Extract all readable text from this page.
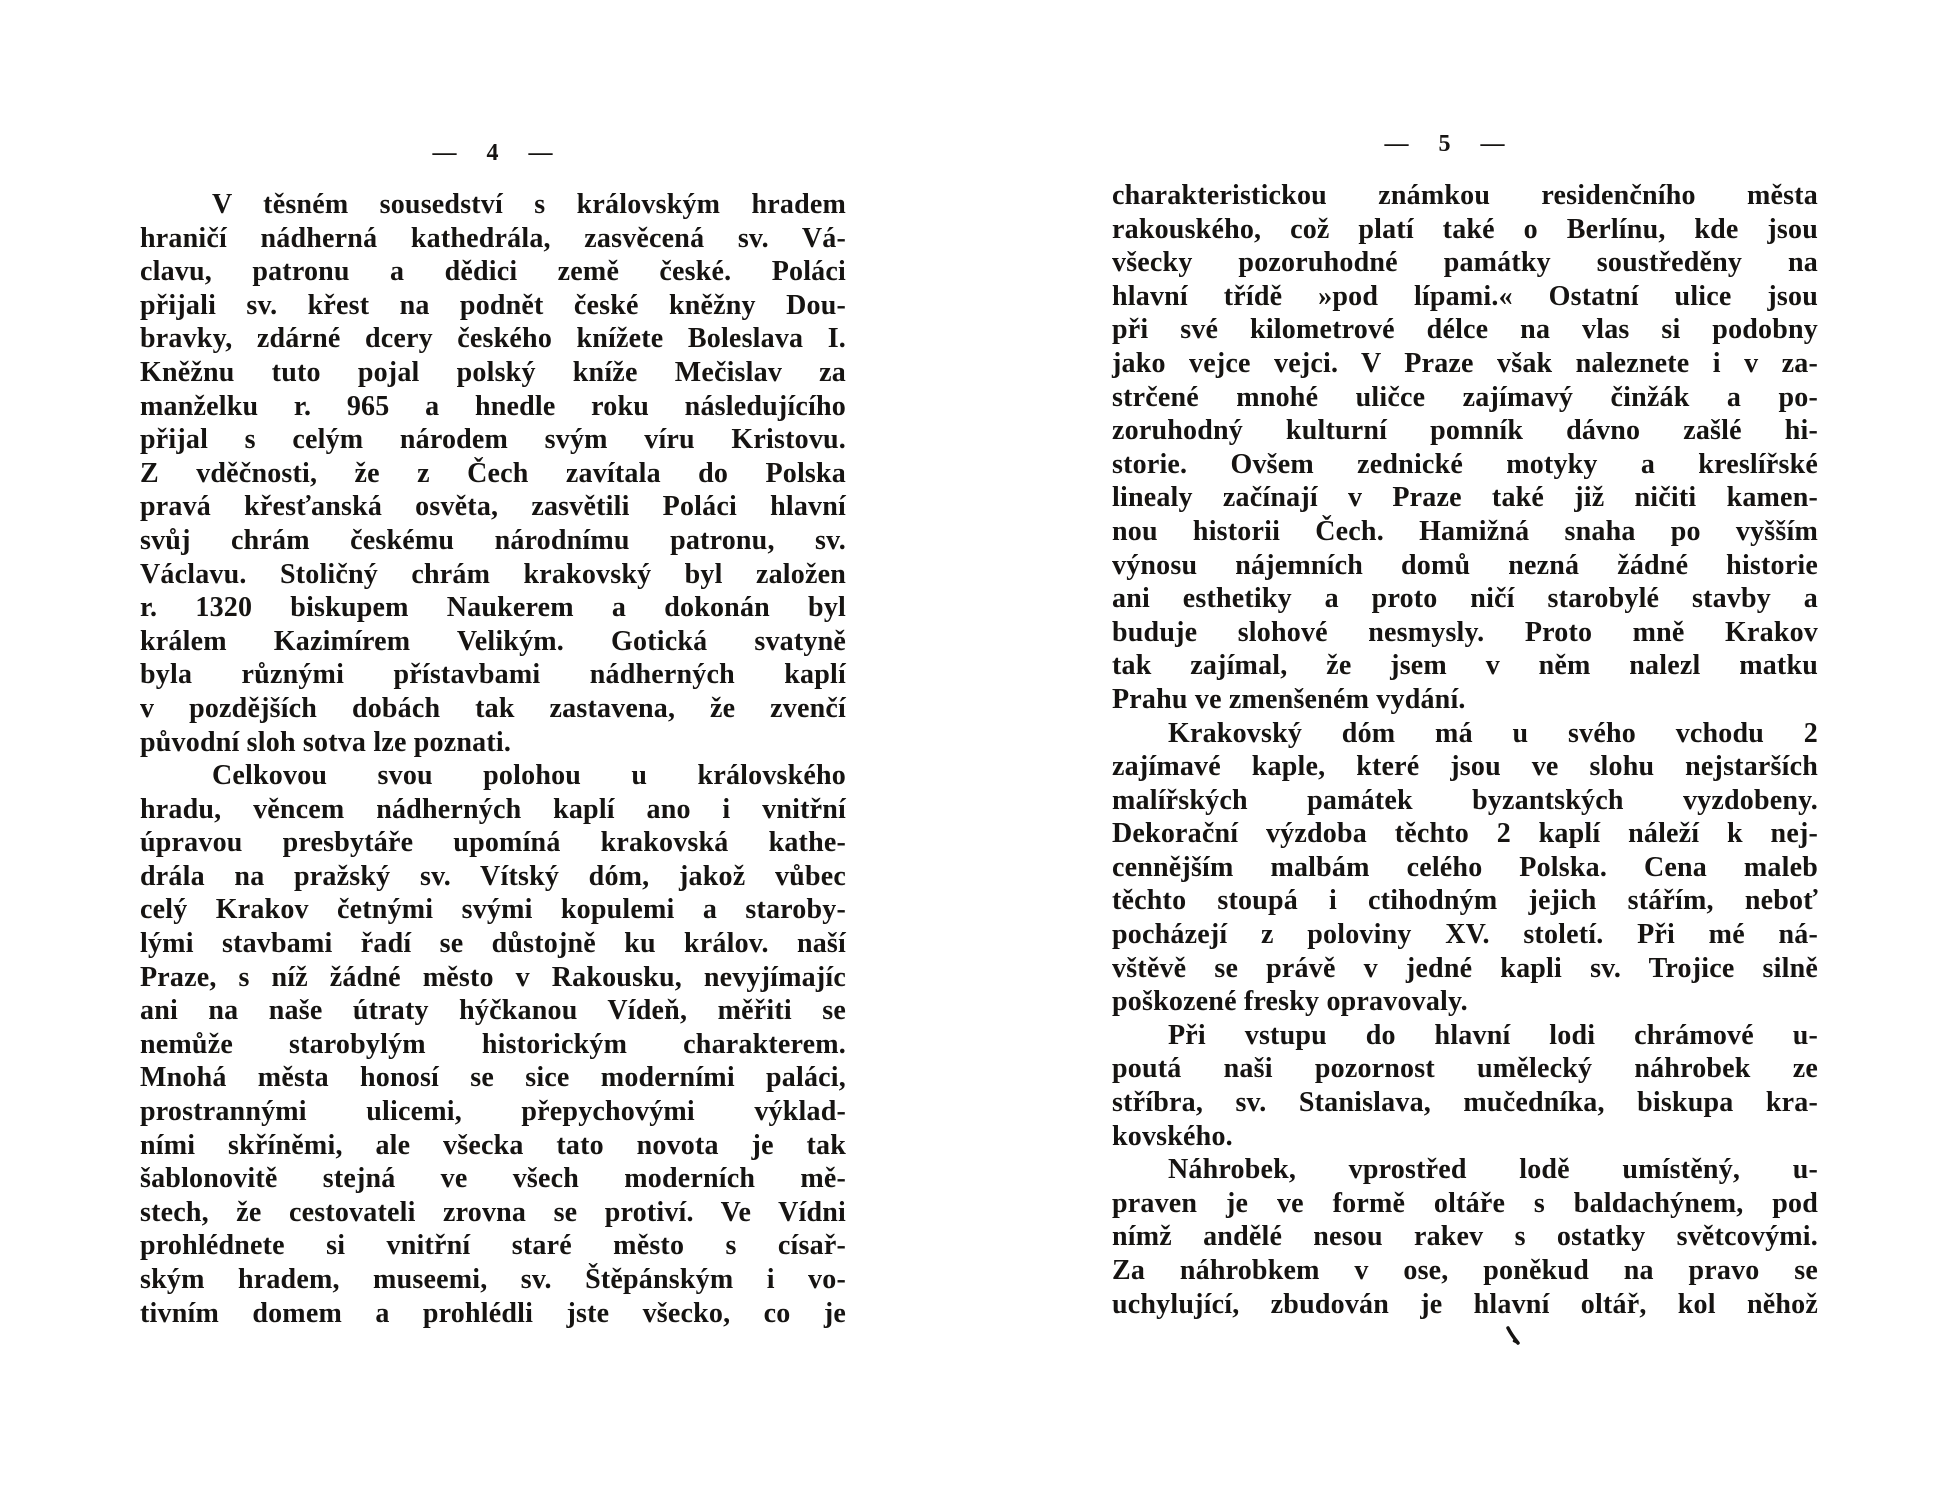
— 4 —
V těsném sousedství s královským hradem
hraničí nádherná kathedrála, zasvěcená sv. Vá-
clavu, patronu a dědici země české. Poláci
přijali sv. křest na podnět české kněžny Dou-
bravky, zdárné dcery českého knížete Boleslava I.
Kněžnu tuto pojal polský kníže Mečislav za
manželku r. 965 a hnedle roku následujícího
přijal s celým národem svým víru Kristovu.
Z vděčnosti, že z Čech zavítala do Polska
pravá křesťanská osvěta, zasvětili Poláci hlavní
svůj chrám českému národnímu patronu, sv.
Václavu. Stoličný chrám krakovský byl založen
r. 1320 biskupem Naukerem a dokonán byl
králem Kazimírem Velikým. Gotická svatyně
byla různými přístavbami nádherných kaplí
v pozdějších dobách tak zastavena, že zvenčí
původní sloh sotva lze poznati.
Celkovou svou polohou u královského
hradu, věncem nádherných kaplí ano i vnitřní
úpravou presbytáře upomíná krakovská kathe-
drála na pražský sv. Vítský dóm, jakož vůbec
celý Krakov četnými svými kopulemi a staroby-
lými stavbami řadí se důstojně ku králov. naší
Praze, s níž žádné město v Rakousku, nevyjímajíc
ani na naše útraty hýčkanou Vídeň, měřiti se
nemůže starobylým historickým charakterem.
Mnohá města honosí se sice moderními paláci,
prostrannými ulicemi, přepychovými výklad-
ními skříněmi, ale všecka tato novota je tak
šablonovitě stejná ve všech moderních mě-
stech, že cestovateli zrovna se protiví. Ve Vídni
prohlédnete si vnitřní staré město s císař-
ským hradem, museemi, sv. Štěpánským i vo-
tivním domem a prohlédli jste všecko, co je
— 5 —
charakteristickou známkou residenčního města
rakouského, což platí také o Berlínu, kde jsou
všecky pozoruhodné památky soustředěny na
hlavní třídě »pod lípami.« Ostatní ulice jsou
při své kilometrové délce na vlas si podobny
jako vejce vejci. V Praze však naleznete i v za-
strčené mnohé uličce zajímavý činžák a po-
zoruhodný kulturní pomník dávno zašlé hi-
storie. Ovšem zednické motyky a kreslířské
linealy začínají v Praze také již ničiti kamen-
nou historii Čech. Hamižná snaha po vyšším
výnosu nájemních domů nezná žádné historie
ani esthetiky a proto ničí starobylé stavby a
buduje slohové nesmysly. Proto mně Krakov
tak zajímal, že jsem v něm nalezl matku
Prahu ve zmenšeném vydání.
Krakovský dóm má u svého vchodu 2
zajímavé kaple, které jsou ve slohu nejstarších
malířských památek byzantských vyzdobeny.
Dekorační výzdoba těchto 2 kaplí náleží k nej-
cennějším malbám celého Polska. Cena maleb
těchto stoupá i ctihodným jejich stářím, neboť
pocházejí z poloviny XV. století. Při mé ná-
vštěvě se právě v jedné kapli sv. Trojice silně
poškozené fresky opravovaly.
Při vstupu do hlavní lodi chrámové u-
poutá naši pozornost umělecký náhrobek ze
stříbra, sv. Stanislava, mučedníka, biskupa kra-
kovského.
Náhrobek, vprostřed lodě umístěný, u-
praven je ve formě oltáře s baldachýnem, pod
nímž andělé nesou rakev s ostatky světcovými.
Za náhrobkem v ose, poněkud na pravo se
uchylující, zbudován je hlavní oltář, kol něhož
